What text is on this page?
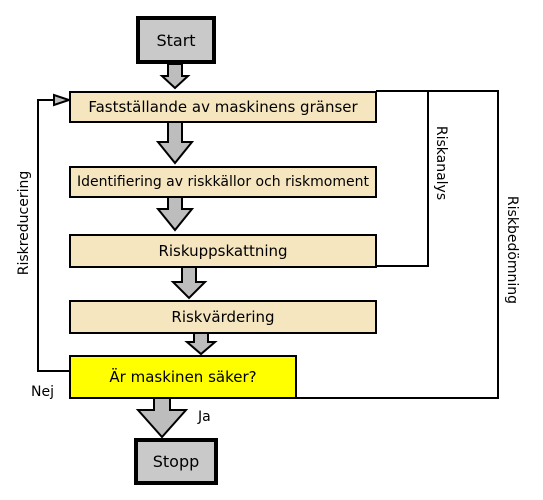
Start
Fastställande av maskinens gränser
Identifiering av riskkällor och riskmoment
Riskuppskattning
Riskvärdering
Är maskinen säker?
Stopp
Ja
Nej
Riskreducering
Riskanalys
Riskbedömning
